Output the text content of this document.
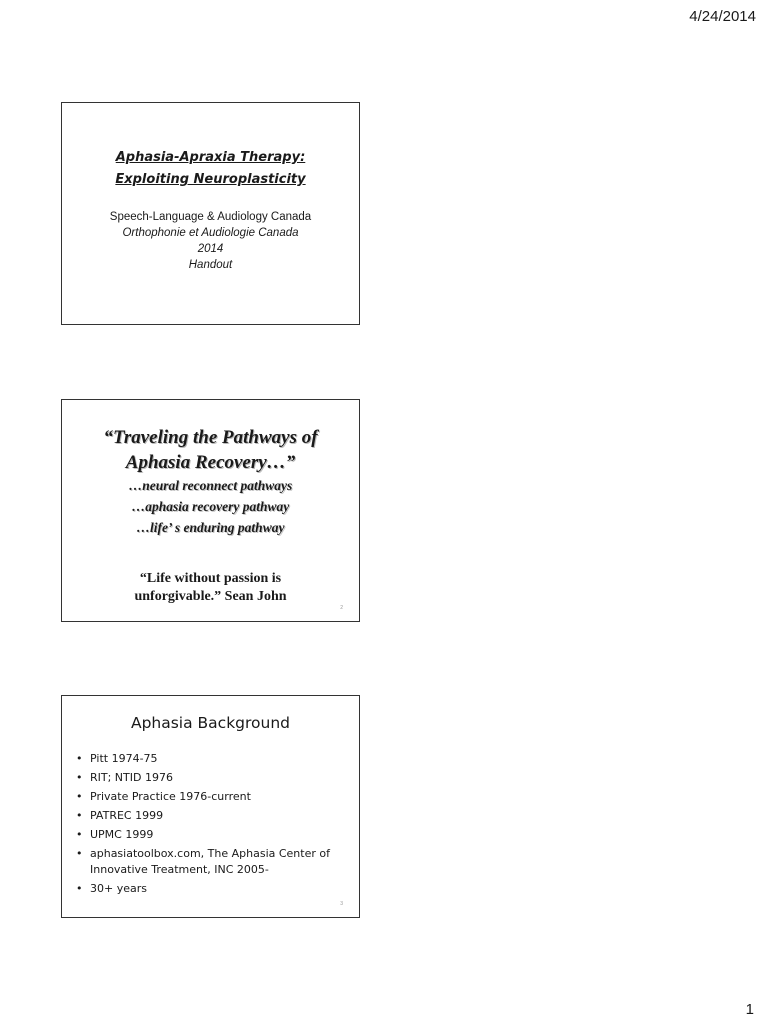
4/24/2014
Aphasia-Apraxia Therapy:
Exploiting Neuroplasticity
Speech-Language & Audiology Canada
Orthophonie et Audiologie Canada
2014
Handout
“Traveling the Pathways of
Aphasia Recovery…”
…neural reconnect pathways
…aphasia recovery pathway
…life’ s enduring pathway
“Life without passion is
unforgivable.” Sean John
2
Aphasia Background
• Pitt 1974-75
• RIT; NTID 1976
• Private Practice 1976-current
• PATREC 1999
• UPMC 1999
• aphasiatoolbox.com, The Aphasia Center of Innovative Treatment, INC 2005-
• 30+ years
3
1
